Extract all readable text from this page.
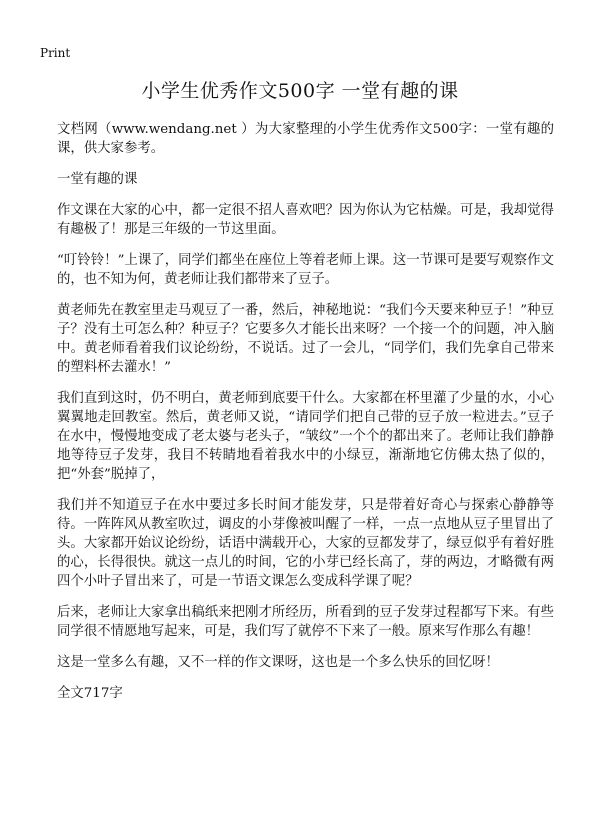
Print
小学生优秀作文500字 一堂有趣的课

文档网（www.wendang.net ）为大家整理的小学生优秀作文500字：一堂有趣的课，供大家参考。

一堂有趣的课

作文课在大家的心中，都一定很不招人喜欢吧？因为你认为它枯燥。可是，我却觉得有趣极了！那是三年级的一节这里面。

“叮铃铃！”上课了，同学们都坐在座位上等着老师上课。这一节课可是要写观察作文的，也不知为何，黄老师让我们都带来了豆子。

黄老师先在教室里走马观豆了一番，然后，神秘地说：“我们今天要来种豆子！”种豆子？没有土可怎么种？种豆子？它要多久才能长出来呀？一个接一个的问题，冲入脑中。黄老师看着我们议论纷纷，不说话。过了一会儿，“同学们，我们先拿自己带来的塑料杯去灌水！”

我们直到这时，仍不明白，黄老师到底要干什么。大家都在杯里灌了少量的水，小心翼翼地走回教室。然后，黄老师又说，“请同学们把自己带的豆子放一粒进去。”豆子在水中，慢慢地变成了老太婆与老头子，“皱纹”一个个的都出来了。老师让我们静静地等待豆子发芽，我目不转睛地看着我水中的小绿豆，渐渐地它仿佛太热了似的，把“外套”脱掉了，

我们并不知道豆子在水中要过多长时间才能发芽，只是带着好奇心与探索心静静等待。一阵阵风从教室吹过，调皮的小芽像被叫醒了一样，一点一点地从豆子里冒出了头。大家都开始议论纷纷，话语中满载开心，大家的豆都发芽了，绿豆似乎有着好胜的心，长得很快。就这一点儿的时间，它的小芽已经长高了，芽的两边，才略微有两四个小叶子冒出来了，可是一节语文课怎么变成科学课了呢？

后来，老师让大家拿出稿纸来把刚才所经历，所看到的豆子发芽过程都写下来。有些同学很不情愿地写起来，可是，我们写了就停不下来了一般。原来写作那么有趣！

这是一堂多么有趣，又不一样的作文课呀，这也是一个多么快乐的回忆呀！

全文717字
